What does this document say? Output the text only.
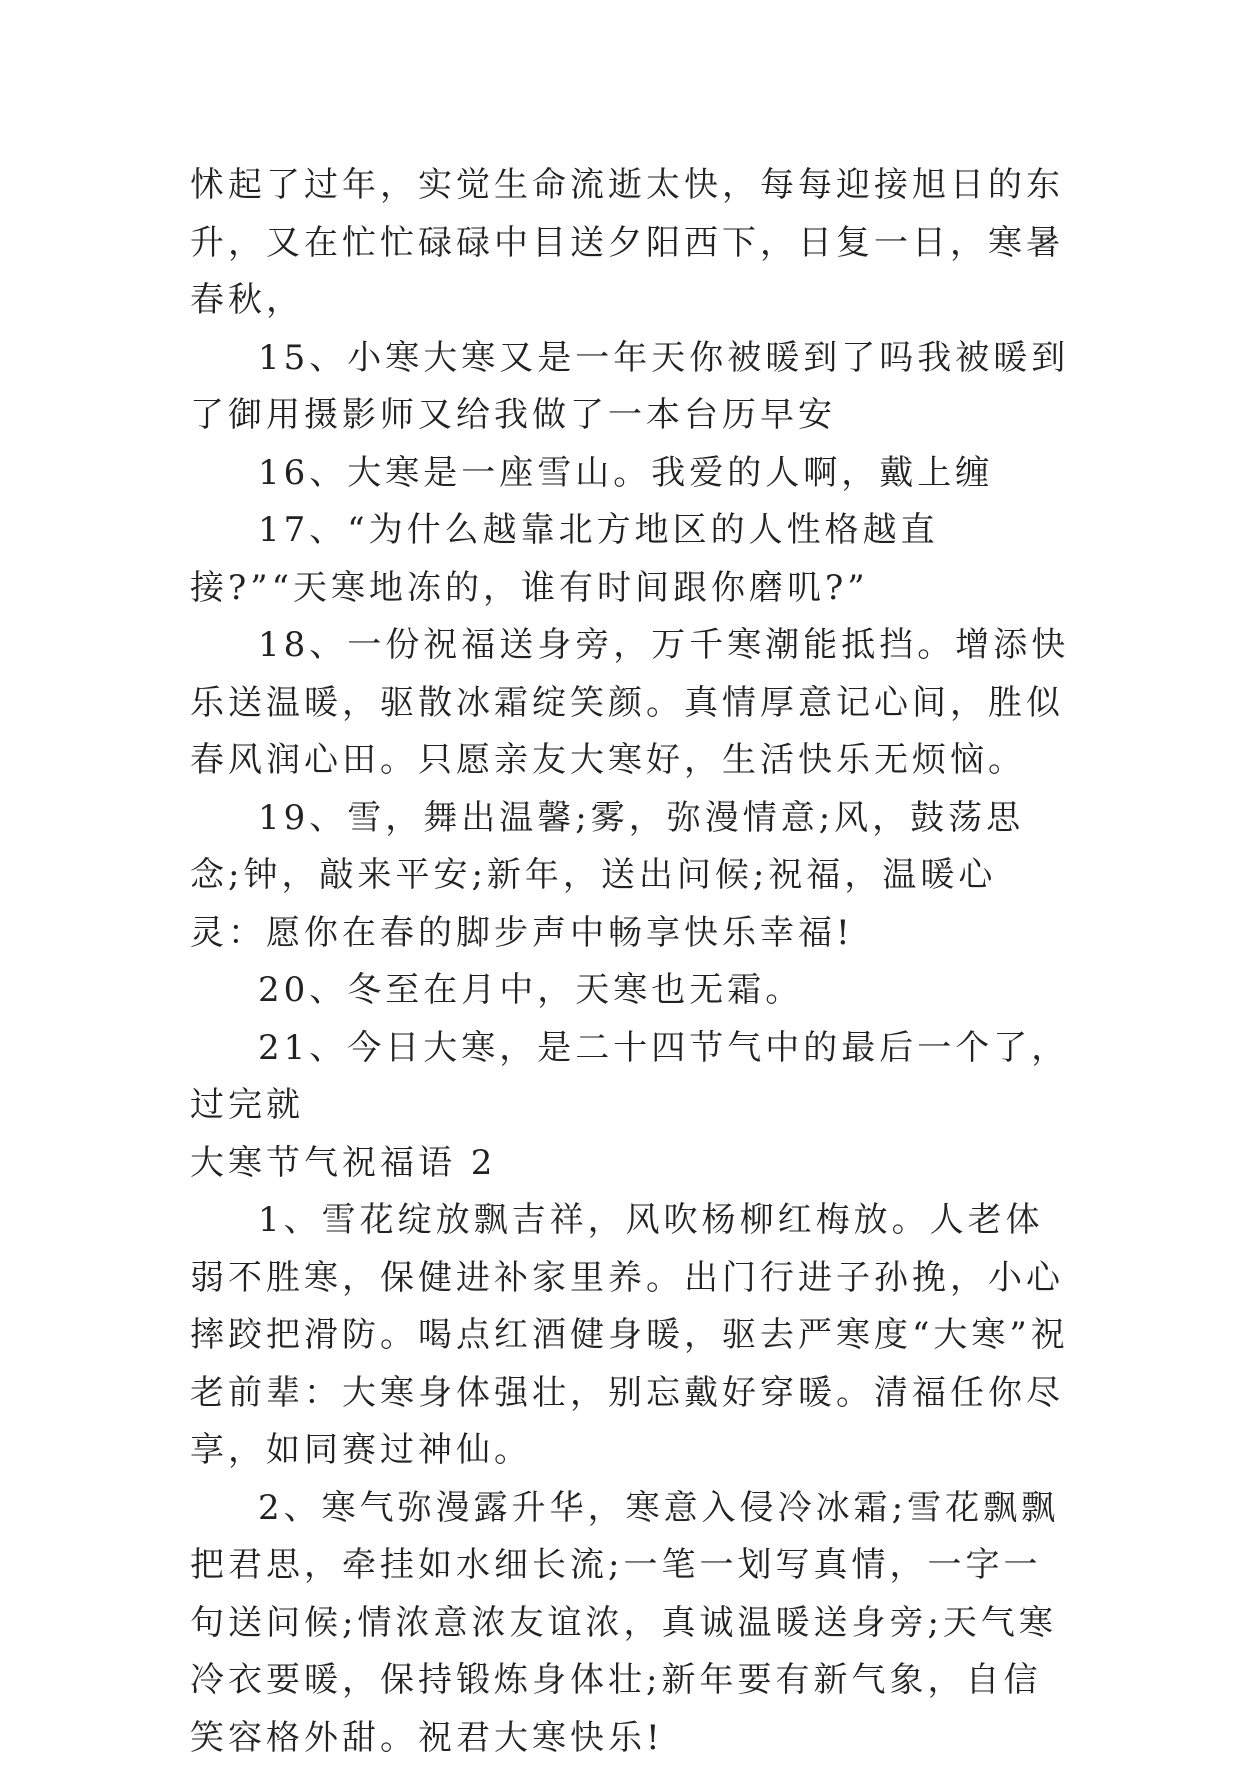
怵起了过年，实觉生命流逝太快，每每迎接旭日的东升，又在忙忙碌碌中目送夕阳西下，日复一日，寒暑春秋，

15、小寒大寒又是一年天你被暖到了吗我被暖到了御用摄影师又给我做了一本台历早安

16、大寒是一座雪山。我爱的人啊，戴上缠

17、“为什么越靠北方地区的人性格越直接?”“天寒地冻的，谁有时间跟你磨叽?”

18、一份祝福送身旁，万千寒潮能抵挡。增添快乐送温暖，驱散冰霜绽笑颜。真情厚意记心间，胜似春风润心田。只愿亲友大寒好，生活快乐无烦恼。

19、雪，舞出温馨;雾，弥漫情意;风，鼓荡思念;钟，敲来平安;新年，送出问候;祝福，温暖心灵：愿你在春的脚步声中畅享快乐幸福!

20、冬至在月中，天寒也无霜。

21、今日大寒，是二十四节气中的最后一个了，过完就

大寒节气祝福语 2

1、雪花绽放飘吉祥，风吹杨柳红梅放。人老体弱不胜寒，保健进补家里养。出门行进子孙挽，小心摔跤把滑防。喝点红酒健身暖，驱去严寒度“大寒”祝老前辈：大寒身体强壮，别忘戴好穿暖。清福任你尽享，如同赛过神仙。

2、寒气弥漫露升华，寒意入侵冷冰霜;雪花飘飘把君思，牵挂如水细长流;一笔一划写真情，一字一句送问候;情浓意浓友谊浓，真诚温暖送身旁;天气寒冷衣要暖，保持锻炼身体壮;新年要有新气象，自信笑容格外甜。祝君大寒快乐!
